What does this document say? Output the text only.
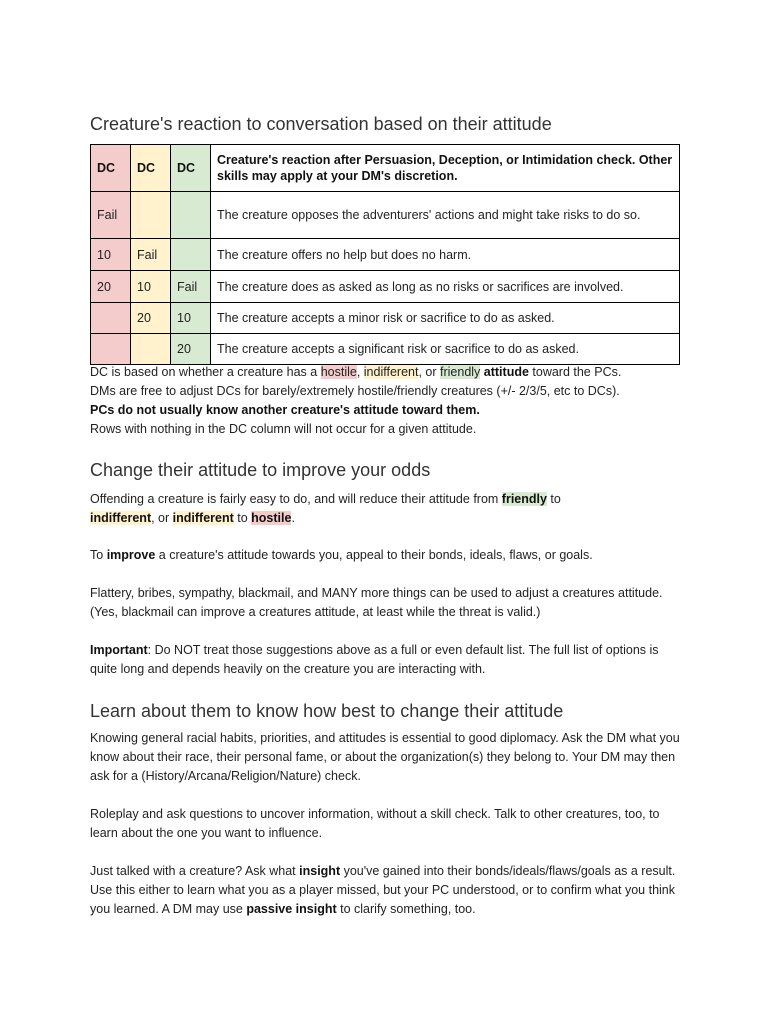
Creature's reaction to conversation based on their attitude
DC	DC	DC	Creature's reaction after Persuasion, Deception, or Intimidation check. Other skills may apply at your DM's discretion.
Fail			The creature opposes the adventurers' actions and might take risks to do so.
10	Fail		The creature offers no help but does no harm.
20	10	Fail	The creature does as asked as long as no risks or sacrifices are involved.
	20	10	The creature accepts a minor risk or sacrifice to do as asked.
		20	The creature accepts a significant risk or sacrifice to do as asked.
DC is based on whether a creature has a hostile, indifferent, or friendly attitude toward the PCs.
DMs are free to adjust DCs for barely/extremely hostile/friendly creatures (+/- 2/3/5, etc to DCs).
PCs do not usually know another creature's attitude toward them.
Rows with nothing in the DC column will not occur for a given attitude.
Change their attitude to improve your odds

Offending a creature is fairly easy to do, and will reduce their attitude from friendly to
indifferent, or indifferent to hostile.

To improve a creature's attitude towards you, appeal to their bonds, ideals, flaws, or goals.

Flattery, bribes, sympathy, blackmail, and MANY more things can be used to adjust a creatures attitude. (Yes, blackmail can improve a creatures attitude, at least while the threat is valid.)

Important: Do NOT treat those suggestions above as a full or even default list. The full list of options is quite long and depends heavily on the creature you are interacting with.

Learn about them to know how best to change their attitude

Knowing general racial habits, priorities, and attitudes is essential to good diplomacy. Ask the DM what you know about their race, their personal fame, or about the organization(s) they belong to. Your DM may then ask for a (History/Arcana/Religion/Nature) check.

Roleplay and ask questions to uncover information, without a skill check. Talk to other creatures, too, to learn about the one you want to influence.

Just talked with a creature? Ask what insight you've gained into their bonds/ideals/flaws/goals as a result. Use this either to learn what you as a player missed, but your PC understood, or to confirm what you think you learned. A DM may use passive insight to clarify something, too.
